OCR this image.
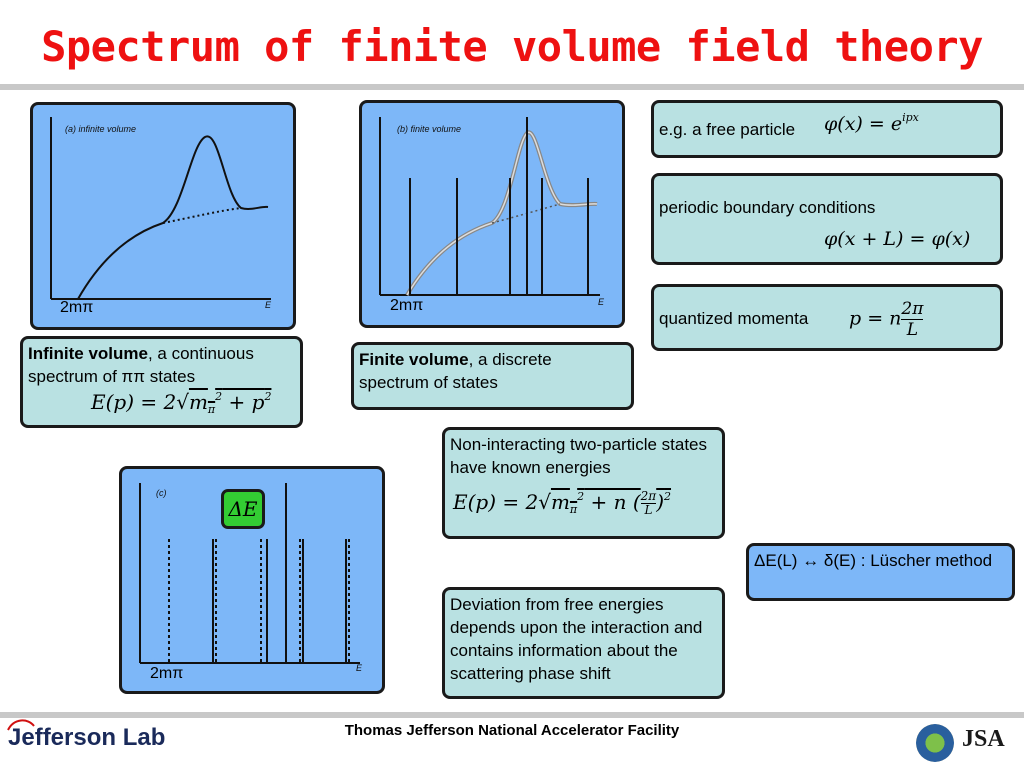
Spectrum of finite volume field theory
(a) infinite volume
E
2mπ
(b) finite volume
E
2mπ
Infinite volume, a continuous spectrum of ππ states
$E(p) = 2√m_\pi^2 + p^2$
Finite volume, a discrete spectrum of states
e.g. a free particle $\varphi(x) = e^{ipx}$
periodic boundary conditions
φ(x + L) = φ(x)
quantized momenta p = n $\frac{2\pi}{L}$
(c)
E
2mπ
ΔE
Non-interacting two-particle states have known energies
$E(p) = 2√m_\pi^2 + n$ ( $\frac{2\pi}{L} )^2$
ΔE(L) ↔ δ(E) : Lüscher method
Deviation from free energies depends upon the interaction and contains information about the scattering phase shift
Thomas Jefferson National Accelerator Facility
Jefferson Lab	JSA
